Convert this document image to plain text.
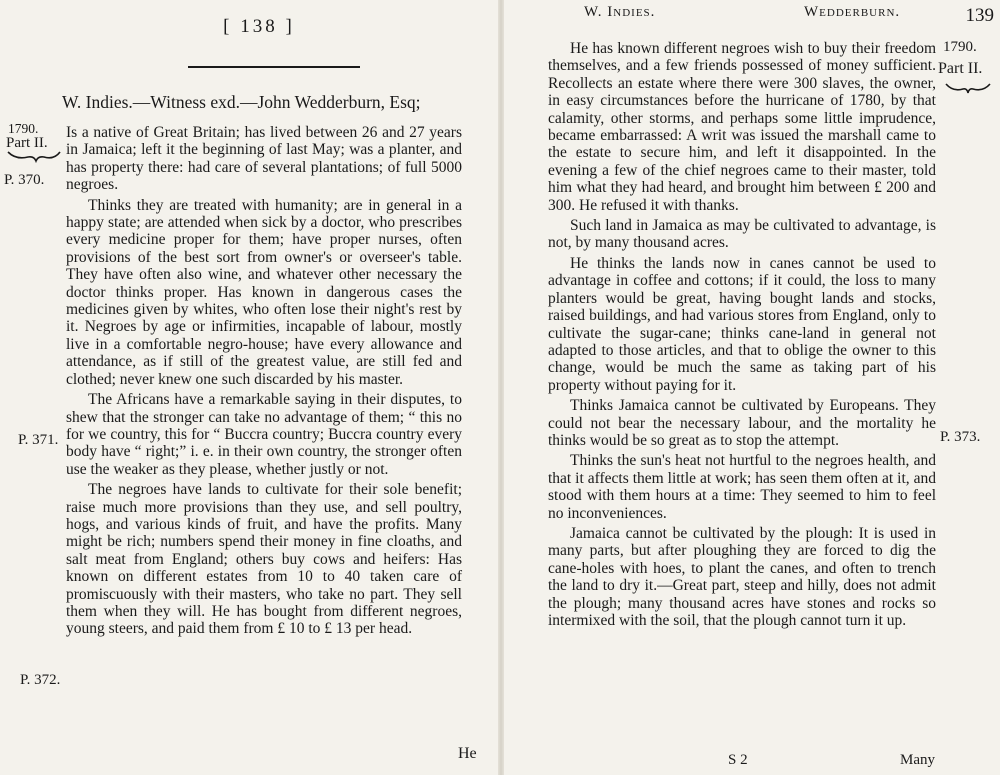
[ 138 ]
W. Indies.—Witness exd.—John Wedderburn, Esq;
1790.
Part II.
P. 370.
P. 371.
P. 372.

Is a native of Great Britain; has lived between 26 and 27 years in Jamaica; left it the beginning of last May; was a planter, and has property there: had care of several plantations; of full 5000 negroes.

Thinks they are treated with humanity; are in general in a happy state; are attended when sick by a doctor, who prescribes every medicine proper for them; have proper nurses, often provisions of the best sort from owner's or overseer's table. They have often also wine, and whatever other necessary the doctor thinks proper. Has known in dangerous cases the medicines given by whites, who often lose their night's rest by it. Negroes by age or infirmities, incapable of labour, mostly live in a comfortable negro-house; have every allowance and attendance, as if still of the greatest value, are still fed and clothed; never knew one such discarded by his master.

The Africans have a remarkable saying in their disputes, to shew that the stronger can take no advantage of them; “ this no for we country, this for “ Buccra country; Buccra country every body have “ right;” i. e. in their own country, the stronger often use the weaker as they please, whether justly or not.

The negroes have lands to cultivate for their sole benefit; raise much more provisions than they use, and sell poultry, hogs, and various kinds of fruit, and have the profits. Many might be rich; numbers spend their money in fine cloaths, and salt meat from England; others buy cows and heifers: Has known on different estates from 10 to 40 taken care of promiscuously with their masters, who take no part. They sell them when they will. He has bought from different negroes, young steers, and paid them from £ 10 to £ 13 per head.

He
W. Indies.	Wedderburn.	139
1790.
Part II.
P. 373.

He has known different negroes wish to buy their freedom themselves, and a few friends possessed of money sufficient. Recollects an estate where there were 300 slaves, the owner, in easy circumstances before the hurricane of 1780, by that calamity, other storms, and perhaps some little imprudence, became embarrassed: A writ was issued the marshall came to the estate to secure him, and left it disappointed. In the evening a few of the chief negroes came to their master, told him what they had heard, and brought him between £ 200 and 300. He refused it with thanks.

Such land in Jamaica as may be cultivated to advantage, is not, by many thousand acres.

He thinks the lands now in canes cannot be used to advantage in coffee and cottons; if it could, the loss to many planters would be great, having bought lands and stocks, raised buildings, and had various stores from England, only to cultivate the sugar-cane; thinks cane-land in general not adapted to those articles, and that to oblige the owner to this change, would be much the same as taking part of his property without paying for it.

Thinks Jamaica cannot be cultivated by Europeans. They could not bear the necessary labour, and the mortality he thinks would be so great as to stop the attempt.

Thinks the sun's heat not hurtful to the negroes health, and that it affects them little at work; has seen them often at it, and stood with them hours at a time: They seemed to him to feel no inconveniences.

Jamaica cannot be cultivated by the plough: It is used in many parts, but after ploughing they are forced to dig the cane-holes with hoes, to plant the canes, and often to trench the land to dry it.—Great part, steep and hilly, does not admit the plough; many thousand acres have stones and rocks so intermixed with the soil, that the plough cannot turn it up.

S 2	Many
